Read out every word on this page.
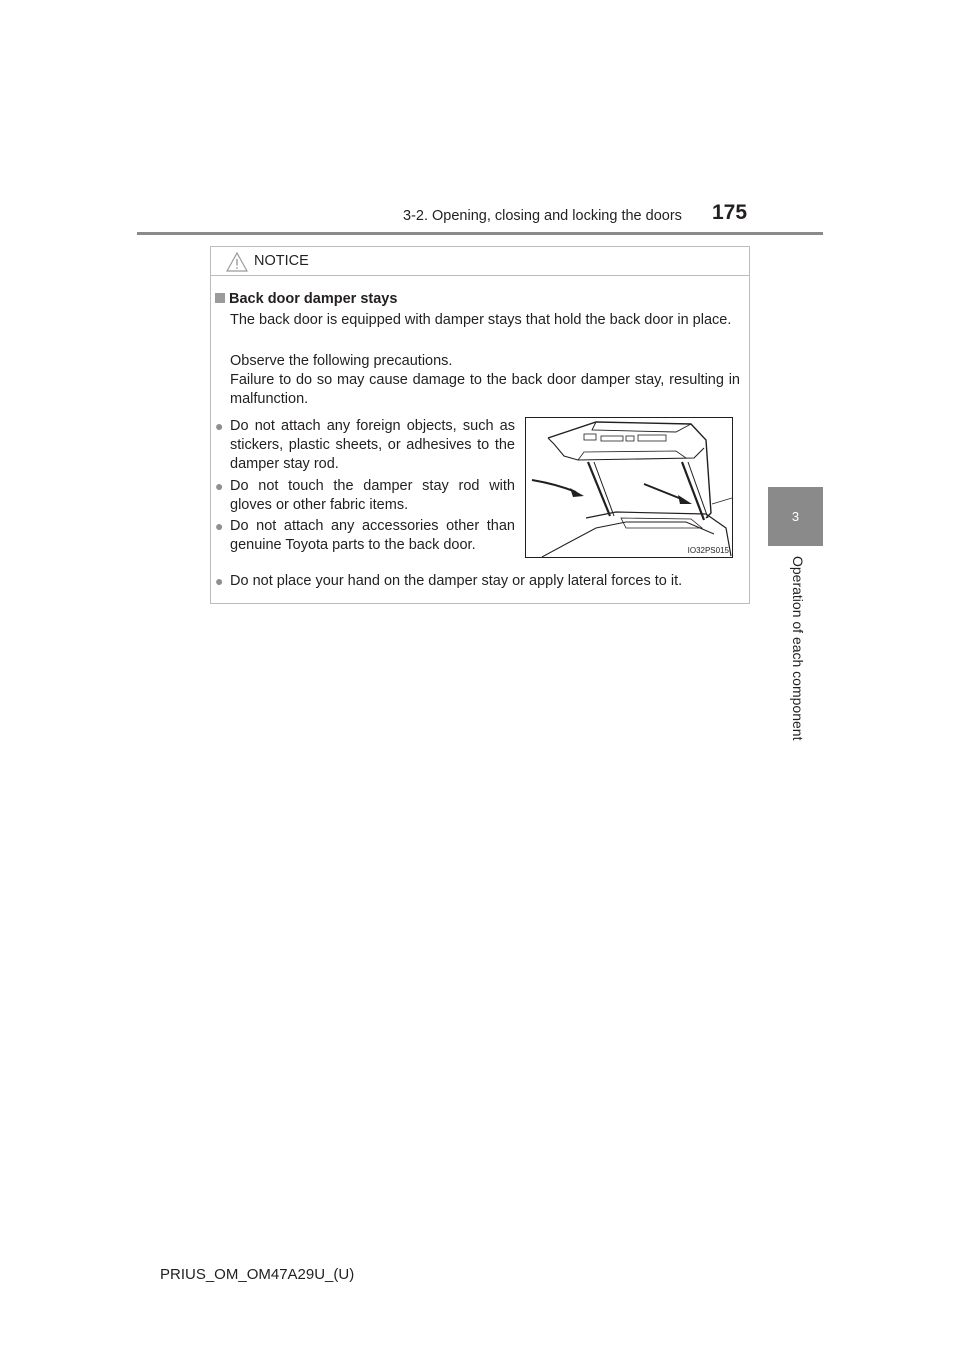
3-2. Opening, closing and locking the doors 175
3
Operation of each component
NOTICE
Back door damper stays

The back door is equipped with damper stays that hold the back door in place.

Observe the following precautions.

Failure to do so may cause damage to the back door damper stay, resulting in malfunction.

● Do not attach any foreign objects, such as stickers, plastic sheets, or adhesives to the damper stay rod.
● Do not touch the damper stay rod with gloves or other fabric items.
● Do not attach any accessories other than genuine Toyota parts to the back door.
● Do not place your hand on the damper stay or apply lateral forces to it.
IO32PS015
PRIUS_OM_OM47A29U_(U)
